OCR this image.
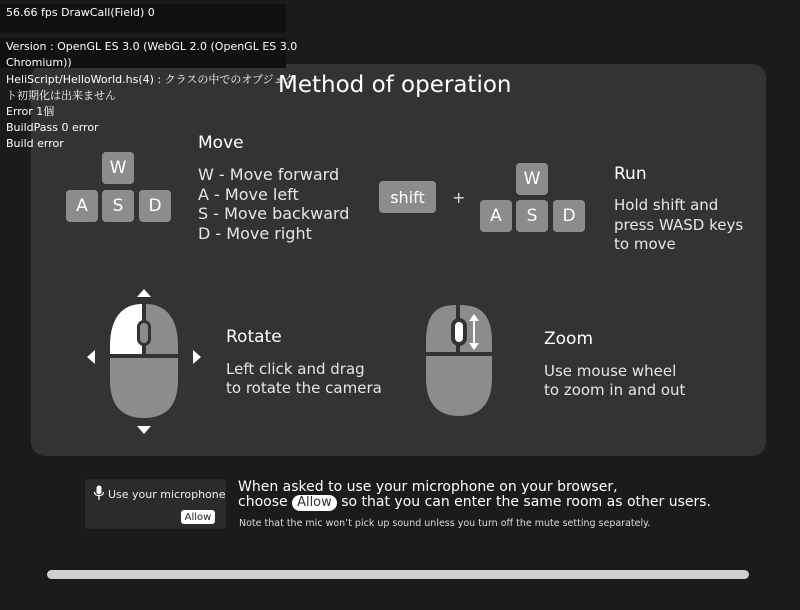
Method of operation
W
A	S	D
Move
W - Move forward
A - Move left
S - Move backward
D - Move right
shift	+
W
A	S	D
Run
Hold shift and
press WASD keys
to move
Rotate
Left click and drag
to rotate the camera
Zoom
Use mouse wheel
to zoom in and out
56.66 fps DrawCall(Field) 0
Version : OpenGL ES 3.0 (WebGL 2.0 (OpenGL ES 3.0
Chromium))
HeliScript/HelloWorld.hs(4) : クラスの中でのオブジェク
ト初期化は出来ません
Error 1個
BuildPass 0 error
Build error
Use your microphone
Allow
When asked to use your microphone on your browser,
choose Allow so that you can enter the same room as other users.
Note that the mic won’t pick up sound unless you turn off the mute setting separately.
